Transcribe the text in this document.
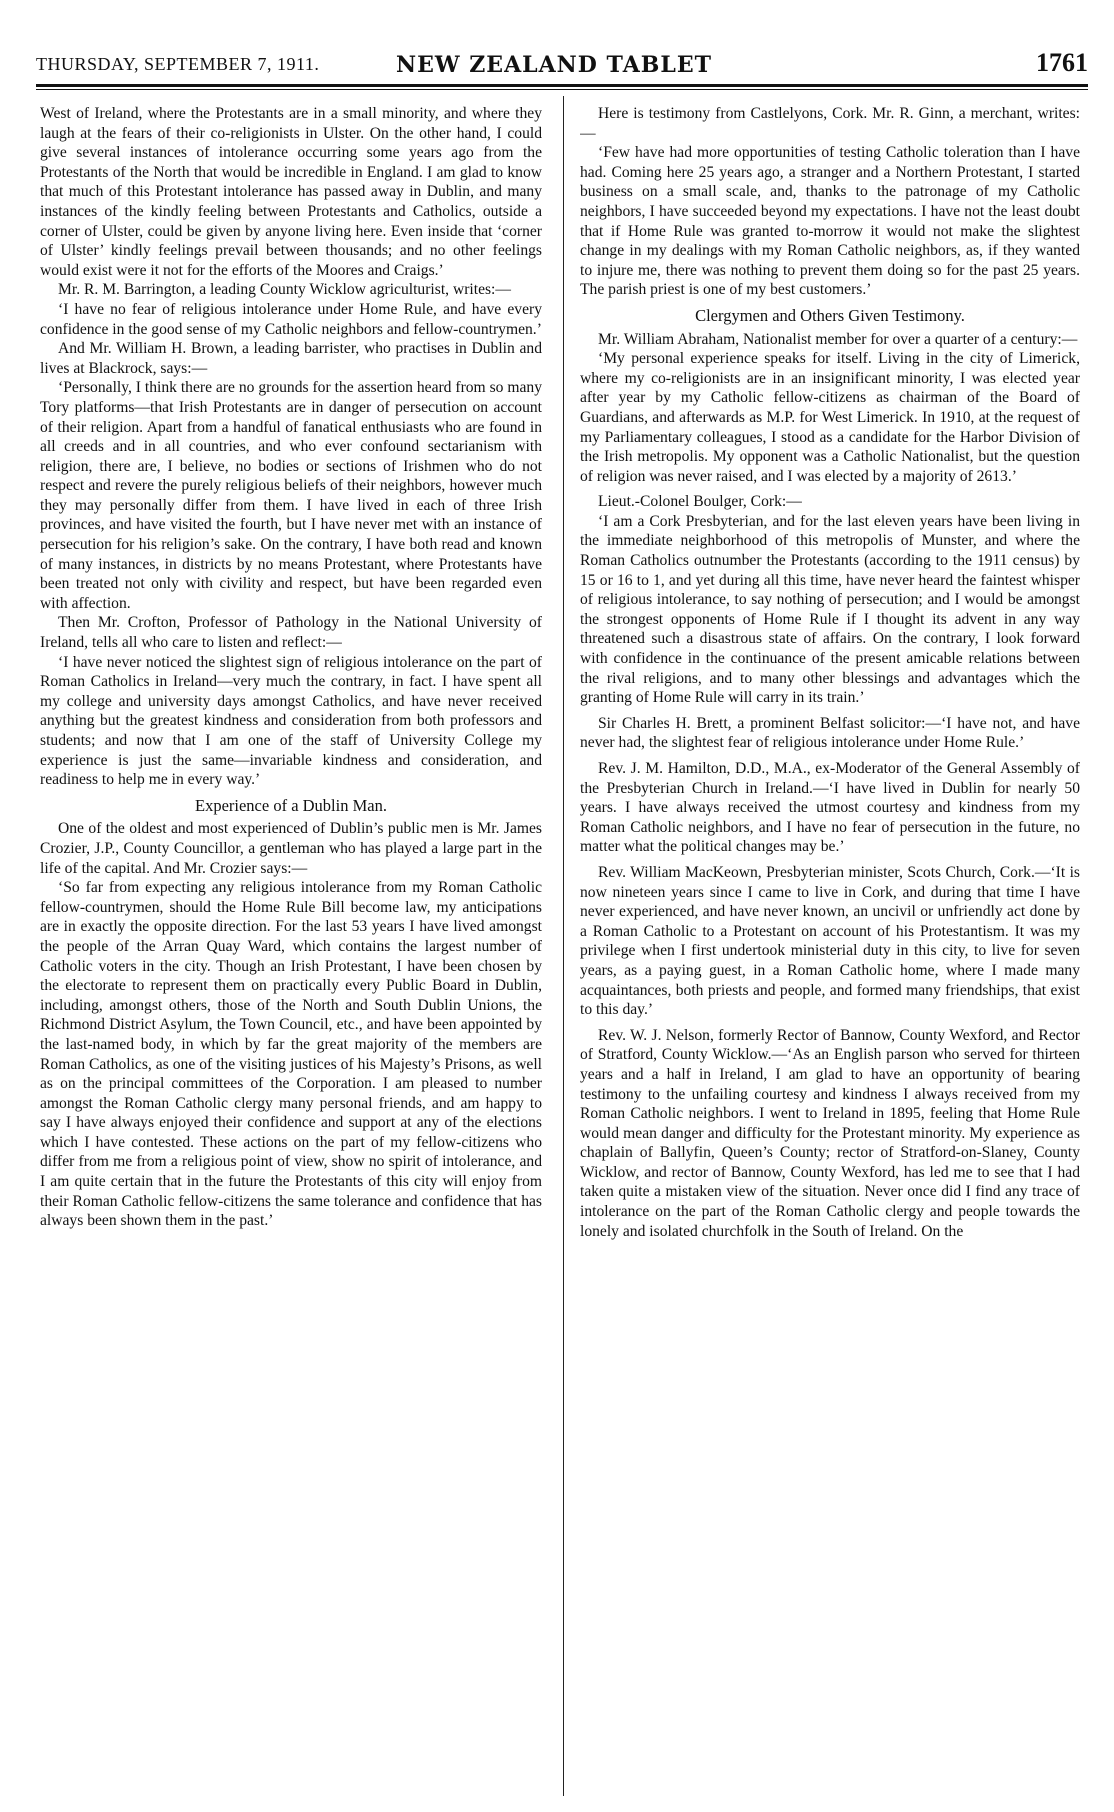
THURSDAY, SEPTEMBER 7, 1911.	NEW ZEALAND TABLET	1761

West of Ireland, where the Protestants are in a small minority, and where they laugh at the fears of their co-religionists in Ulster. On the other hand, I could give several instances of intolerance occurring some years ago from the Protestants of the North that would be incredible in England. I am glad to know that much of this Protestant intolerance has passed away in Dublin, and many instances of the kindly feeling between Protestants and Catholics, outside a corner of Ulster, could be given by anyone living here. Even inside that ‘corner of Ulster’ kindly feelings prevail between thousands; and no other feelings would exist were it not for the efforts of the Moores and Craigs.’

Mr. R. M. Barrington, a leading County Wicklow agriculturist, writes:—

‘I have no fear of religious intolerance under Home Rule, and have every confidence in the good sense of my Catholic neighbors and fellow-countrymen.’

And Mr. William H. Brown, a leading barrister, who practises in Dublin and lives at Blackrock, says:—

‘Personally, I think there are no grounds for the assertion heard from so many Tory platforms—that Irish Protestants are in danger of persecution on account of their religion. Apart from a handful of fanatical enthusiasts who are found in all creeds and in all countries, and who ever confound sectarianism with religion, there are, I believe, no bodies or sections of Irishmen who do not respect and revere the purely religious beliefs of their neighbors, however much they may personally differ from them. I have lived in each of three Irish provinces, and have visited the fourth, but I have never met with an instance of persecution for his religion’s sake. On the contrary, I have both read and known of many instances, in districts by no means Protestant, where Protestants have been treated not only with civility and respect, but have been regarded even with affection.

Then Mr. Crofton, Professor of Pathology in the National University of Ireland, tells all who care to listen and reflect:—

‘I have never noticed the slightest sign of religious intolerance on the part of Roman Catholics in Ireland—very much the contrary, in fact. I have spent all my college and university days amongst Catholics, and have never received anything but the greatest kindness and consideration from both professors and students; and now that I am one of the staff of University College my experience is just the same—invariable kindness and consideration, and readiness to help me in every way.’

Experience of a Dublin Man.

One of the oldest and most experienced of Dublin’s public men is Mr. James Crozier, J.P., County Councillor, a gentleman who has played a large part in the life of the capital. And Mr. Crozier says:—

‘So far from expecting any religious intolerance from my Roman Catholic fellow-countrymen, should the Home Rule Bill become law, my anticipations are in exactly the opposite direction. For the last 53 years I have lived amongst the people of the Arran Quay Ward, which contains the largest number of Catholic voters in the city. Though an Irish Protestant, I have been chosen by the electorate to represent them on practically every Public Board in Dublin, including, amongst others, those of the North and South Dublin Unions, the Richmond District Asylum, the Town Council, etc., and have been appointed by the last-named body, in which by far the great majority of the members are Roman Catholics, as one of the visiting justices of his Majesty’s Prisons, as well as on the principal committees of the Corporation. I am pleased to number amongst the Roman Catholic clergy many personal friends, and am happy to say I have always enjoyed their confidence and support at any of the elections which I have contested. These actions on the part of my fellow-citizens who differ from me from a religious point of view, show no spirit of intolerance, and I am quite certain that in the future the Protestants of this city will enjoy from their Roman Catholic fellow-citizens the same tolerance and confidence that has always been shown them in the past.’

Here is testimony from Castlelyons, Cork. Mr. R. Ginn, a merchant, writes:—

‘Few have had more opportunities of testing Catholic toleration than I have had. Coming here 25 years ago, a stranger and a Northern Protestant, I started business on a small scale, and, thanks to the patronage of my Catholic neighbors, I have succeeded beyond my expectations. I have not the least doubt that if Home Rule was granted to-morrow it would not make the slightest change in my dealings with my Roman Catholic neighbors, as, if they wanted to injure me, there was nothing to prevent them doing so for the past 25 years. The parish priest is one of my best customers.’

Clergymen and Others Given Testimony.

Mr. William Abraham, Nationalist member for over a quarter of a century:—

‘My personal experience speaks for itself. Living in the city of Limerick, where my co-religionists are in an insignificant minority, I was elected year after year by my Catholic fellow-citizens as chairman of the Board of Guardians, and afterwards as M.P. for West Limerick. In 1910, at the request of my Parliamentary colleagues, I stood as a candidate for the Harbor Division of the Irish metropolis. My opponent was a Catholic Nationalist, but the question of religion was never raised, and I was elected by a majority of 2613.’

Lieut.-Colonel Boulger, Cork:—

‘I am a Cork Presbyterian, and for the last eleven years have been living in the immediate neighborhood of this metropolis of Munster, and where the Roman Catholics outnumber the Protestants (according to the 1911 census) by 15 or 16 to 1, and yet during all this time, have never heard the faintest whisper of religious intolerance, to say nothing of persecution; and I would be amongst the strongest opponents of Home Rule if I thought its advent in any way threatened such a disastrous state of affairs. On the contrary, I look forward with confidence in the continuance of the present amicable relations between the rival religions, and to many other blessings and advantages which the granting of Home Rule will carry in its train.’

Sir Charles H. Brett, a prominent Belfast solicitor:—‘I have not, and have never had, the slightest fear of religious intolerance under Home Rule.’

Rev. J. M. Hamilton, D.D., M.A., ex-Moderator of the General Assembly of the Presbyterian Church in Ireland.—‘I have lived in Dublin for nearly 50 years. I have always received the utmost courtesy and kindness from my Roman Catholic neighbors, and I have no fear of persecution in the future, no matter what the political changes may be.’

Rev. William MacKeown, Presbyterian minister, Scots Church, Cork.—‘It is now nineteen years since I came to live in Cork, and during that time I have never experienced, and have never known, an uncivil or unfriendly act done by a Roman Catholic to a Protestant on account of his Protestantism. It was my privilege when I first undertook ministerial duty in this city, to live for seven years, as a paying guest, in a Roman Catholic home, where I made many acquaintances, both priests and people, and formed many friendships, that exist to this day.’

Rev. W. J. Nelson, formerly Rector of Bannow, County Wexford, and Rector of Stratford, County Wicklow.—‘As an English parson who served for thirteen years and a half in Ireland, I am glad to have an opportunity of bearing testimony to the unfailing courtesy and kindness I always received from my Roman Catholic neighbors. I went to Ireland in 1895, feeling that Home Rule would mean danger and difficulty for the Protestant minority. My experience as chaplain of Ballyfin, Queen’s County; rector of Stratford-on-Slaney, County Wicklow, and rector of Bannow, County Wexford, has led me to see that I had taken quite a mistaken view of the situation. Never once did I find any trace of intolerance on the part of the Roman Catholic clergy and people towards the lonely and isolated churchfolk in the South of Ireland. On the
